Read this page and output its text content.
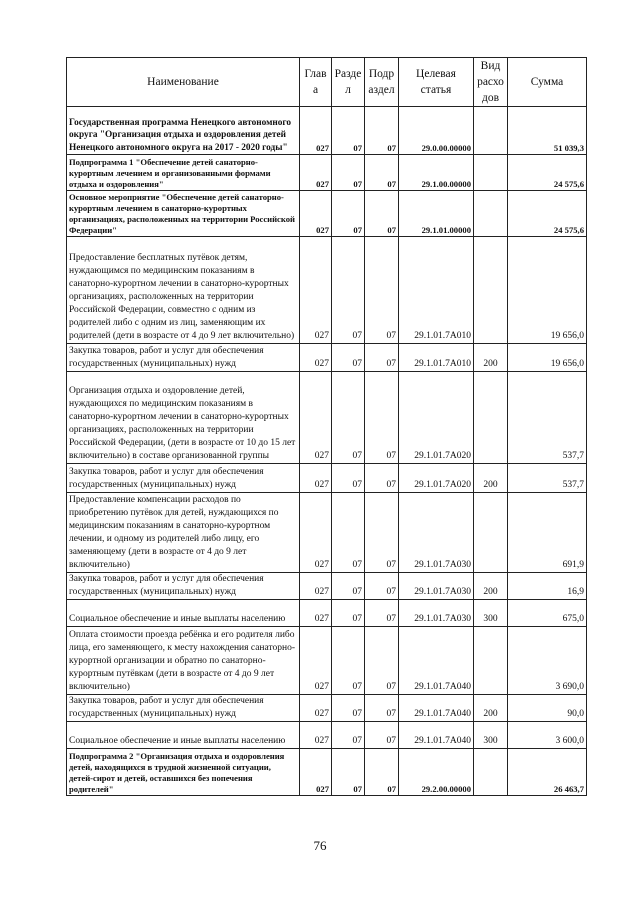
Наименование	Глав а	Разде л	Подр аздел	Целевая статья	Вид расхо дов	Сумма
Государственная программа Ненецкого автономного округа "Организация отдыха и оздоровления детей Ненецкого автономного округа на 2017 - 2020 годы"	027	07	07	29.0.00.00000		51 039,3
Подпрограмма 1 "Обеспечение детей санаторно-курортным лечением и организованными формами отдыха и оздоровления"	027	07	07	29.1.00.00000		24 575,6
Основное мероприятие "Обеспечение детей санаторно-курортным лечением в санаторно-курортных организациях, расположенных на территории Российской Федерации"	027	07	07	29.1.01.00000		24 575,6
Предоставление бесплатных путёвок детям, нуждающимся по медицинским показаниям в санаторно-курортном лечении в санаторно-курортных организациях, расположенных на территории Российской Федерации, совместно с одним из родителей либо с одним из лиц, заменяющим их родителей (дети в возрасте от 4 до 9 лет включительно)	027	07	07	29.1.01.7А010		19 656,0
Закупка товаров, работ и услуг для обеспечения государственных (муниципальных) нужд	027	07	07	29.1.01.7А010	200	19 656,0
Организация отдыха и оздоровление детей, нуждающихся по медицинским показаниям в санаторно-курортном лечении в санаторно-курортных организациях, расположенных на территории Российской Федерации, (дети в возрасте от 10 до 15 лет включительно) в составе организованной группы	027	07	07	29.1.01.7А020		537,7
Закупка товаров, работ и услуг для обеспечения государственных (муниципальных) нужд	027	07	07	29.1.01.7А020	200	537,7
Предоставление компенсации расходов по приобретению путёвок для детей, нуждающихся по медицинским показаниям в санаторно-курортном лечении, и одному из родителей либо лицу, его заменяющему (дети в возрасте от 4 до 9 лет включительно)	027	07	07	29.1.01.7А030		691,9
Закупка товаров, работ и услуг для обеспечения государственных (муниципальных) нужд	027	07	07	29.1.01.7А030	200	16,9
Социальное обеспечение и иные выплаты населению	027	07	07	29.1.01.7А030	300	675,0
Оплата стоимости проезда ребёнка и его родителя либо лица, его заменяющего, к месту нахождения санаторно-курортной организации и обратно по санаторно-курортным путёвкам (дети в возрасте от 4 до 9 лет включительно)	027	07	07	29.1.01.7А040		3 690,0
Закупка товаров, работ и услуг для обеспечения государственных (муниципальных) нужд	027	07	07	29.1.01.7А040	200	90,0
Социальное обеспечение и иные выплаты населению	027	07	07	29.1.01.7А040	300	3 600,0
Подпрограмма 2 "Организация отдыха и оздоровления детей, находящихся в трудной жизненной ситуации, детей-сирот и детей, оставшихся без попечения родителей"	027	07	07	29.2.00.00000		26 463,7
76
